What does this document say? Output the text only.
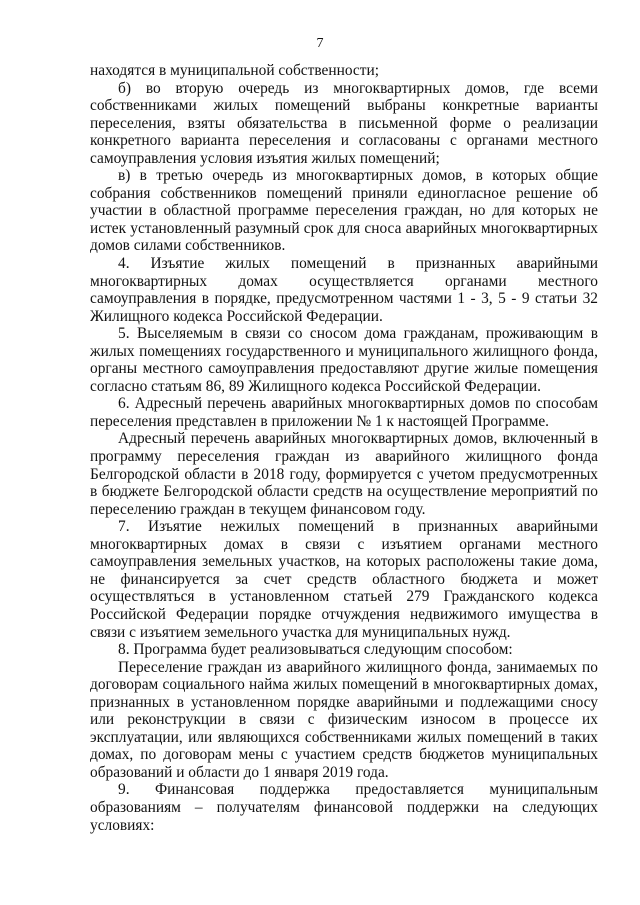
7

находятся в муниципальной собственности;

б) во вторую очередь из многоквартирных домов, где всеми собственниками жилых помещений выбраны конкретные варианты переселения, взяты обязательства в письменной форме о реализации конкретного варианта переселения и согласованы с органами местного самоуправления условия изъятия жилых помещений;

в) в третью очередь из многоквартирных домов, в которых общие собрания собственников помещений приняли единогласное решение об участии в областной программе переселения граждан, но для которых не истек установленный разумный срок для сноса аварийных многоквартирных домов силами собственников.

4. Изъятие жилых помещений в признанных аварийными многоквартирных домах осуществляется органами местного самоуправления в порядке, предусмотренном частями 1 - 3, 5 - 9 статьи 32 Жилищного кодекса Российской Федерации.

5. Выселяемым в связи со сносом дома гражданам, проживающим в жилых помещениях государственного и муниципального жилищного фонда, органы местного самоуправления предоставляют другие жилые помещения согласно статьям 86, 89 Жилищного кодекса Российской Федерации.

6. Адресный перечень аварийных многоквартирных домов по способам переселения представлен в приложении № 1 к настоящей Программе.

Адресный перечень аварийных многоквартирных домов, включенный в программу переселения граждан из аварийного жилищного фонда Белгородской области в 2018 году, формируется с учетом предусмотренных в бюджете Белгородской области средств на осуществление мероприятий по переселению граждан в текущем финансовом году.

7. Изъятие нежилых помещений в признанных аварийными многоквартирных домах в связи с изъятием органами местного самоуправления земельных участков, на которых расположены такие дома, не финансируется за счет средств областного бюджета и может осуществляться в установленном статьей 279 Гражданского кодекса Российской Федерации порядке отчуждения недвижимого имущества в связи с изъятием земельного участка для муниципальных нужд.

8. Программа будет реализовываться следующим способом:

Переселение граждан из аварийного жилищного фонда, занимаемых по договорам социального найма жилых помещений в многоквартирных домах, признанных в установленном порядке аварийными и подлежащими сносу или реконструкции в связи с физическим износом в процессе их эксплуатации, или являющихся собственниками жилых помещений в таких домах, по договорам мены с участием средств бюджетов муниципальных образований и области до 1 января 2019 года.

9. Финансовая поддержка предоставляется муниципальным образованиям – получателям финансовой поддержки на следующих условиях:
